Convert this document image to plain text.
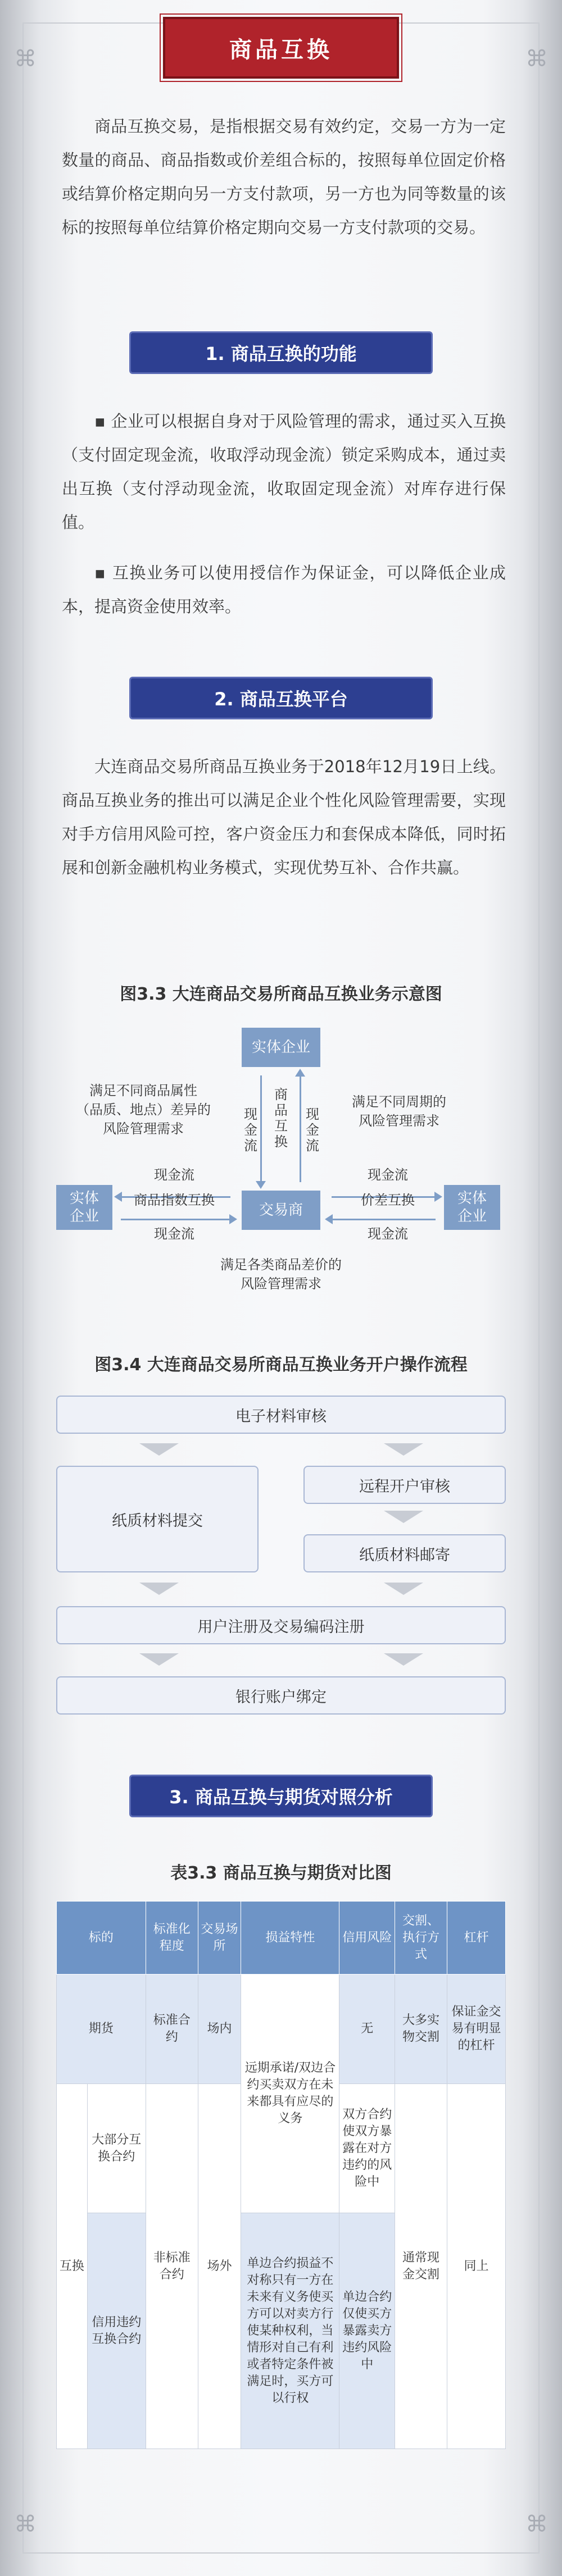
⌘	⌘
⌘	⌘
商品互换

商品互换交易，是指根据交易有效约定，交易一方为一定数量的商品、商品指数或价差组合标的，按照每单位固定价格或结算价格定期向另一方支付款项，另一方也为同等数量的该标的按照每单位结算价格定期向交易一方支付款项的交易。

1. 商品互换的功能

▪ 企业可以根据自身对于风险管理的需求，通过买入互换（支付固定现金流，收取浮动现金流）锁定采购成本，通过卖出互换（支付浮动现金流，收取固定现金流）对库存进行保值。

▪ 互换业务可以使用授信作为保证金，可以降低企业成本，提高资金使用效率。

2. 商品互换平台

大连商品交易所商品互换业务于2018年12月19日上线。商品互换业务的推出可以满足企业个性化风险管理需要，实现对手方信用风险可控，客户资金压力和套保成本降低，同时拓展和创新金融机构业务模式，实现优势互补、合作共赢。

图3.3 大连商品交易所商品互换业务示意图
实体企业
实体
企业
实体
企业
交易商
满足不同商品属性
（品质、地点）差异的
风险管理需求
满足不同周期的
风险管理需求
满足各类商品差价的
风险管理需求
现金流
商品互换
现金流
现金流
商品指数互换
现金流
现金流
价差互换
现金流
图3.4 大连商品交易所商品互换业务开户操作流程
电子材料审核
纸质材料提交
远程开户审核
纸质材料邮寄
用户注册及交易编码注册
银行账户绑定
3. 商品互换与期货对照分析
表3.3 商品互换与期货对比图
标的		标准化程度	交易场所	损益特性	信用风险	交割、执行方式	杠杆
期货		标准合约	场内	远期承诺/双边合约买卖双方在未来都具有应尽的义务	无	大多实物交割	保证金交易有明显的杠杆
互换	大部分互换合约	非标准合约	场外		双方合约使双方暴露在对方违约的风险中	通常现金交割	同上
	信用违约互换合约			单边合约损益不对称只有一方在未来有义务使买方可以对卖方行使某种权利，当情形对自己有利或者特定条件被满足时，买方可以行权	单边合约仅使买方暴露卖方违约风险中		
